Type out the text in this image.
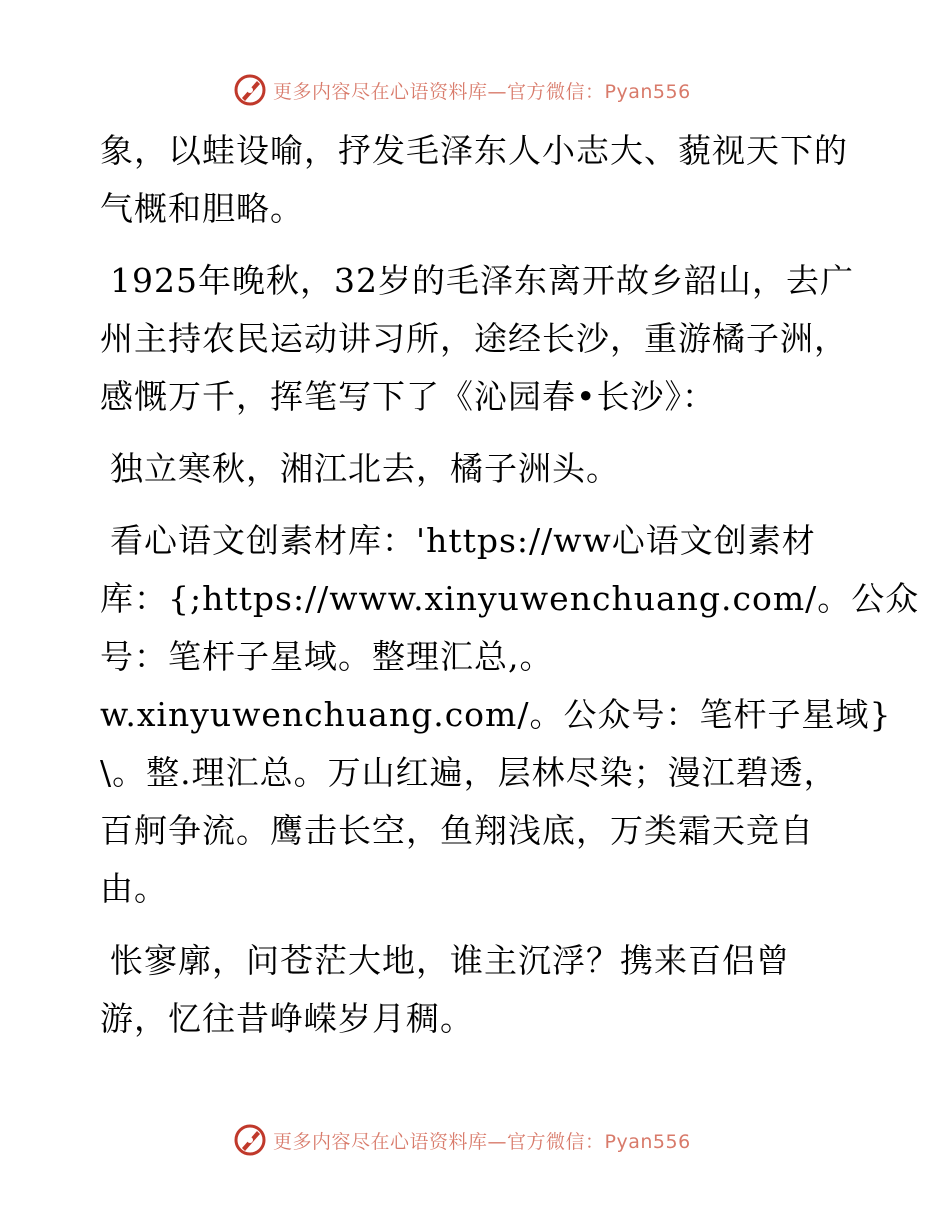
更多内容尽在心语资料库—官方微信：Pyan556

象，以蛙设喻，抒发毛泽东人小志大、藐视天下的
气概和胆略。

1925年晚秋，32岁的毛泽东离开故乡韶山，去广
州主持农民运动讲习所，途经长沙，重游橘子洲，
感慨万千，挥笔写下了《沁园春•长沙》：

独立寒秋，湘江北去，橘子洲头。

看心语文创素材库：'https://ww心语文创素材
库：{;https://www.xinyuwenchuang.com/。公众
号：笔杆子星域。整理汇总,。
w.xinyuwenchuang.com/。公众号：笔杆子星域}
\。整.理汇总。万山红遍，层林尽染；漫江碧透，
百舸争流。鹰击长空，鱼翔浅底，万类霜天竞自
由。

怅寥廓，问苍茫大地，谁主沉浮？携来百侣曾
游，忆往昔峥嵘岁月稠。

更多内容尽在心语资料库—官方微信：Pyan556
